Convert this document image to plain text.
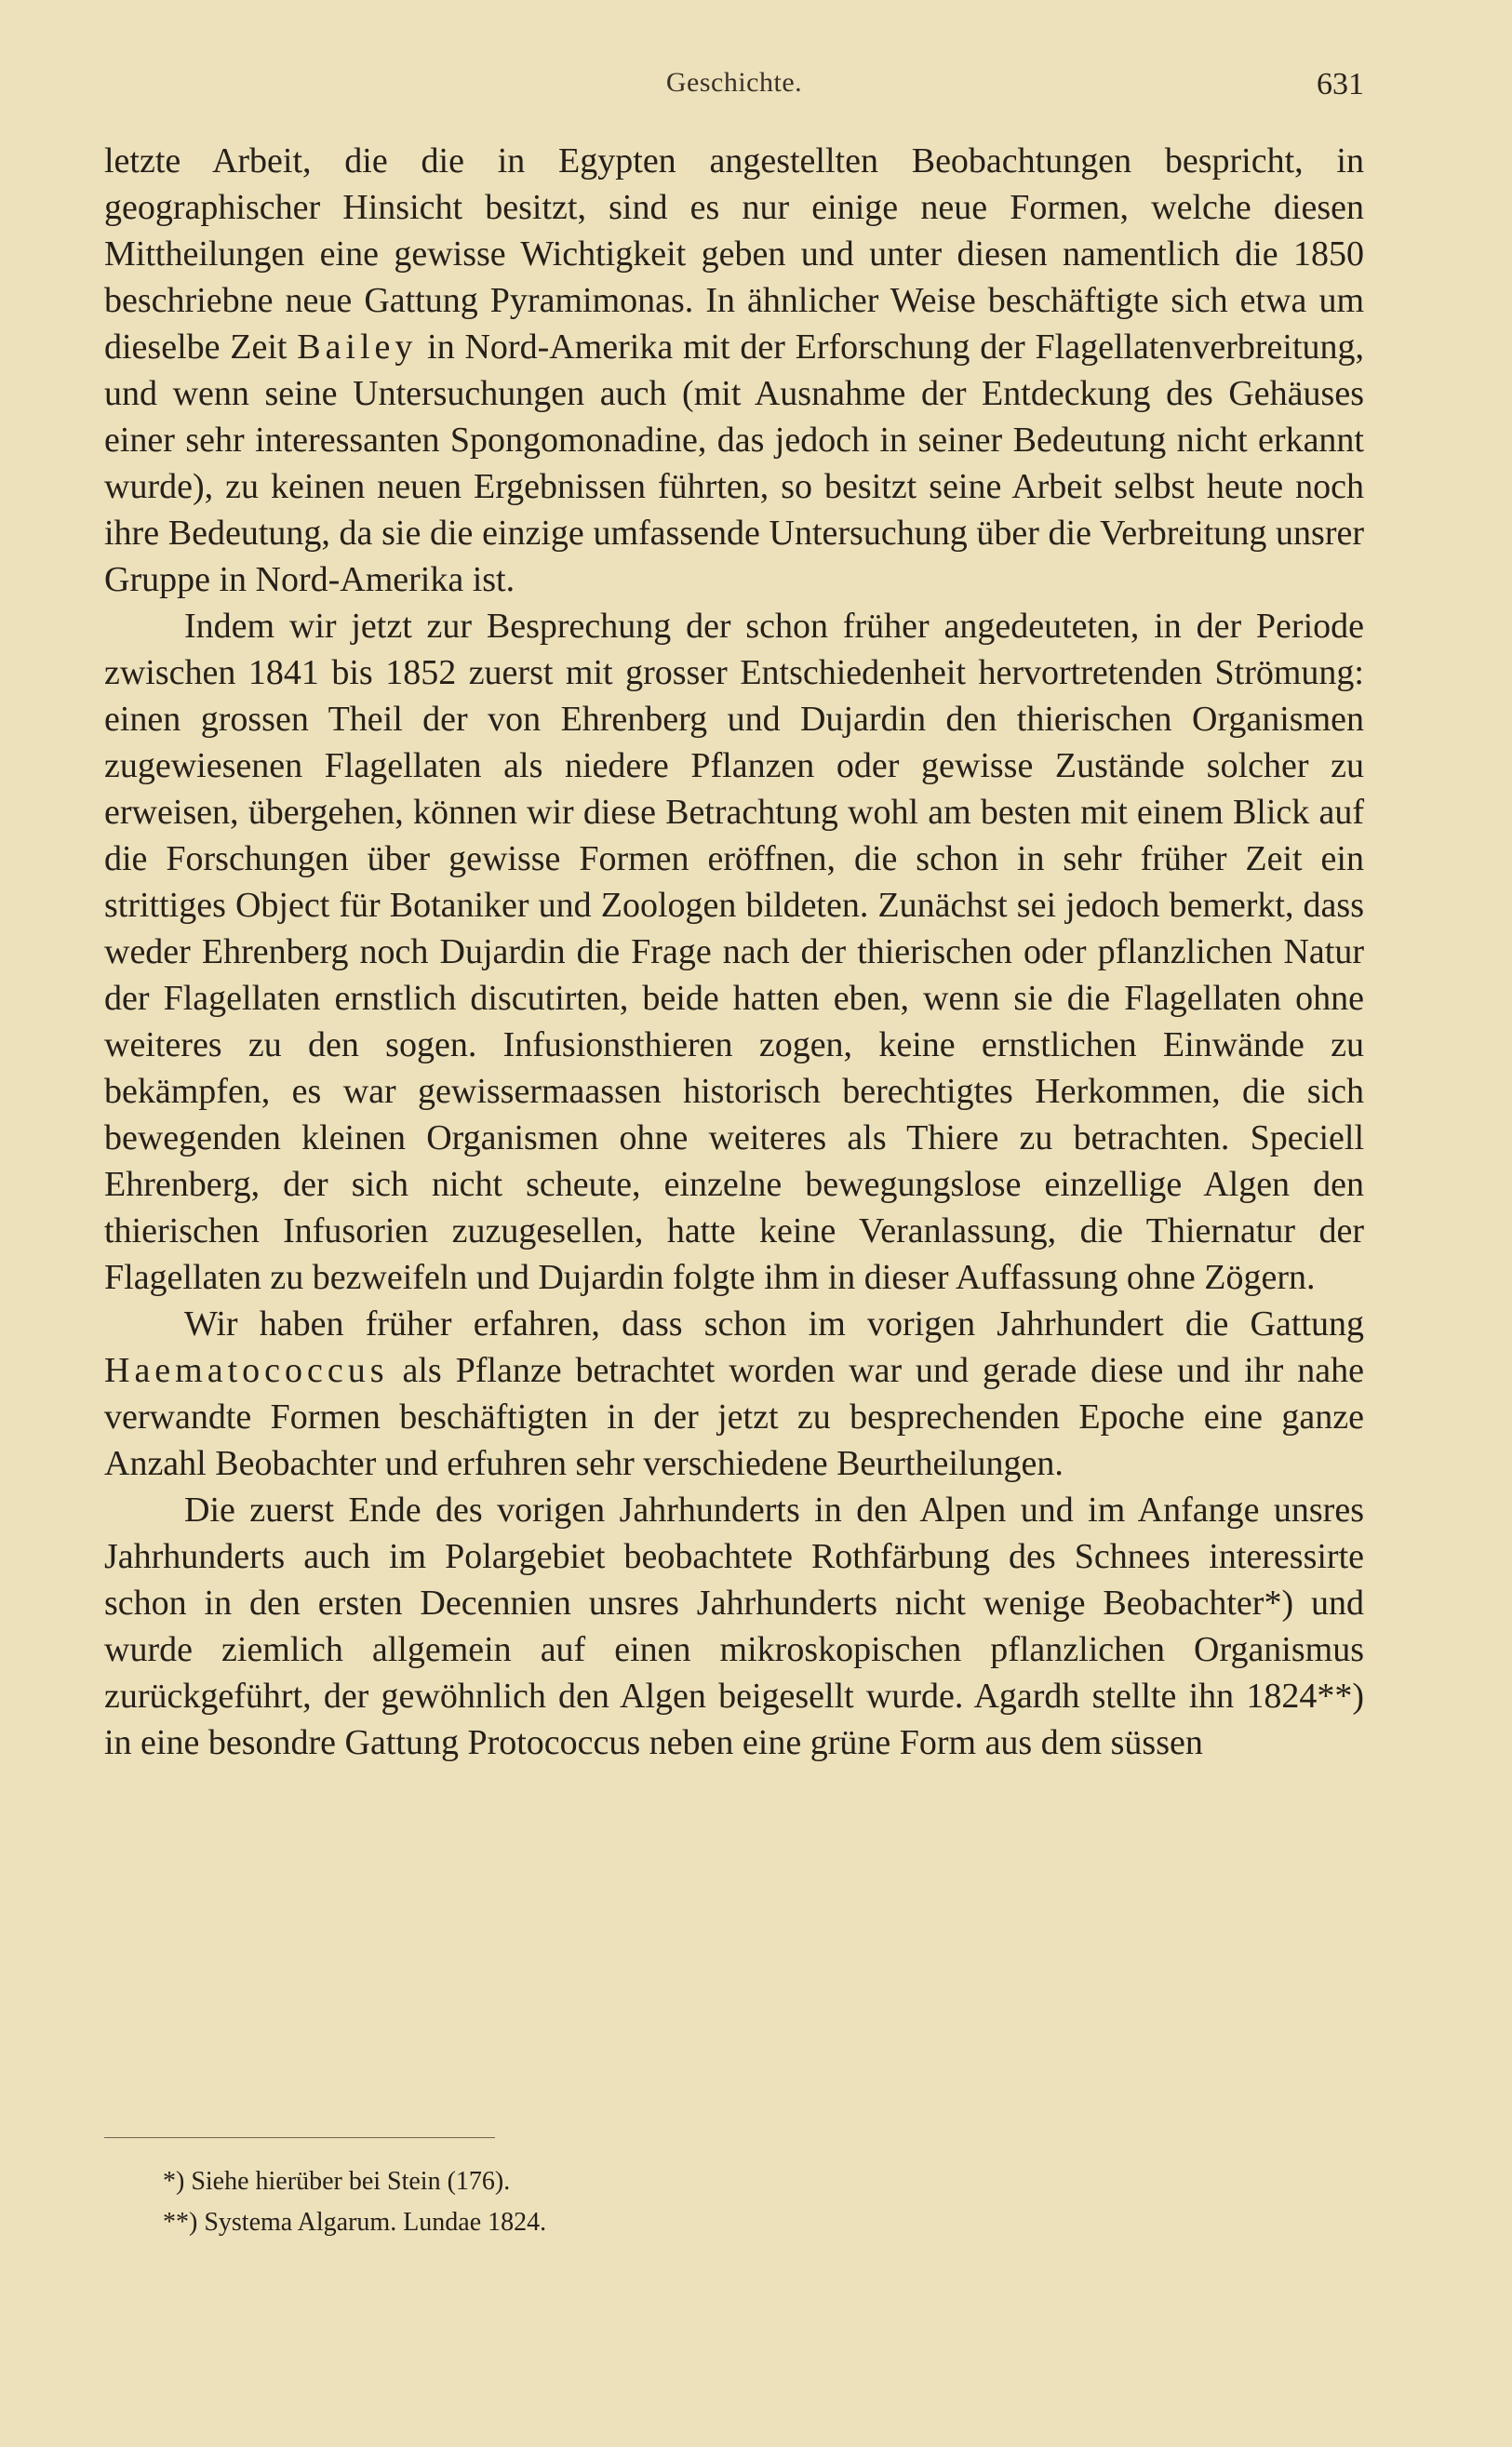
Geschichte.	631

letzte Arbeit, die die in Egypten angestellten Beobachtungen bespricht, in geographischer Hinsicht besitzt, sind es nur einige neue Formen, welche diesen Mittheilungen eine gewisse Wichtigkeit geben und unter diesen namentlich die 1850 beschriebne neue Gattung Pyramimonas. In ähnlicher Weise beschäftigte sich etwa um dieselbe Zeit Bailey in Nord-Amerika mit der Erforschung der Flagellatenverbreitung, und wenn seine Untersuchungen auch (mit Ausnahme der Entdeckung des Gehäuses einer sehr interessanten Spongomonadine, das jedoch in seiner Bedeutung nicht erkannt wurde), zu keinen neuen Ergebnissen führten, so besitzt seine Arbeit selbst heute noch ihre Bedeutung, da sie die einzige umfassende Untersuchung über die Verbreitung unsrer Gruppe in Nord-Amerika ist.

Indem wir jetzt zur Besprechung der schon früher angedeuteten, in der Periode zwischen 1841 bis 1852 zuerst mit grosser Entschiedenheit hervortretenden Strömung: einen grossen Theil der von Ehrenberg und Dujardin den thierischen Organismen zugewiesenen Flagellaten als niedere Pflanzen oder gewisse Zustände solcher zu erweisen, übergehen, können wir diese Betrachtung wohl am besten mit einem Blick auf die Forschungen über gewisse Formen eröffnen, die schon in sehr früher Zeit ein strittiges Object für Botaniker und Zoologen bildeten. Zunächst sei jedoch bemerkt, dass weder Ehrenberg noch Dujardin die Frage nach der thierischen oder pflanzlichen Natur der Flagellaten ernstlich discutirten, beide hatten eben, wenn sie die Flagellaten ohne weiteres zu den sogen. Infusionsthieren zogen, keine ernstlichen Einwände zu bekämpfen, es war gewissermaassen historisch berechtigtes Herkommen, die sich bewegenden kleinen Organismen ohne weiteres als Thiere zu betrachten. Speciell Ehrenberg, der sich nicht scheute, einzelne bewegungslose einzellige Algen den thierischen Infusorien zuzugesellen, hatte keine Veranlassung, die Thiernatur der Flagellaten zu bezweifeln und Dujardin folgte ihm in dieser Auffassung ohne Zögern.

Wir haben früher erfahren, dass schon im vorigen Jahrhundert die Gattung Haematococcus als Pflanze betrachtet worden war und gerade diese und ihr nahe verwandte Formen beschäftigten in der jetzt zu besprechenden Epoche eine ganze Anzahl Beobachter und erfuhren sehr verschiedene Beurtheilungen.

Die zuerst Ende des vorigen Jahrhunderts in den Alpen und im Anfange unsres Jahrhunderts auch im Polargebiet beobachtete Rothfärbung des Schnees interessirte schon in den ersten Decennien unsres Jahrhunderts nicht wenige Beobachter*) und wurde ziemlich allgemein auf einen mikroskopischen pflanzlichen Organismus zurückgeführt, der gewöhnlich den Algen beigesellt wurde. Agardh stellte ihn 1824**) in eine besondre Gattung Protococcus neben eine grüne Form aus dem süssen

*) Siehe hierüber bei Stein (176).
**) Systema Algarum. Lundae 1824.
